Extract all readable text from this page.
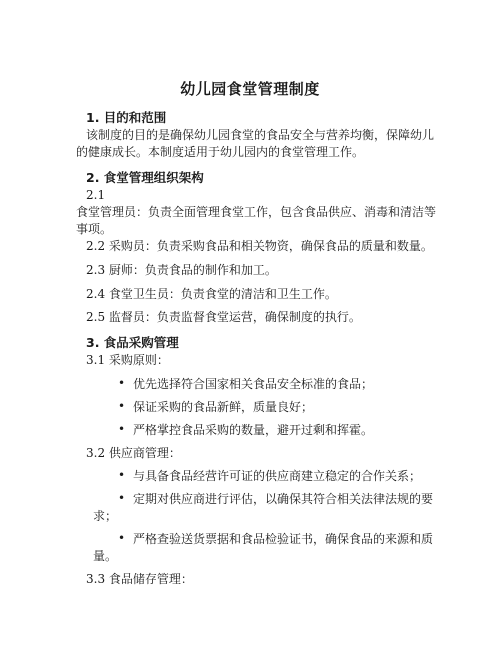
幼儿园食堂管理制度
1. 目的和范围
该制度的目的是确保幼儿园食堂的食品安全与营养均衡，保障幼儿
的健康成长。本制度适用于幼儿园内的食堂管理工作。
2. 食堂管理组织架构
2.1
食堂管理员：负责全面管理食堂工作，包含食品供应、消毒和清洁等
事项。
2.2 采购员：负责采购食品和相关物资，确保食品的质量和数量。
2.3 厨师：负责食品的制作和加工。
2.4 食堂卫生员：负责食堂的清洁和卫生工作。
2.5 监督员：负责监督食堂运营，确保制度的执行。
3. 食品采购管理
3.1 采购原则：
• 优先选择符合国家相关食品安全标准的食品；
• 保证采购的食品新鲜，质量良好；
• 严格掌控食品采购的数量，避开过剩和挥霍。
3.2 供应商管理：
• 与具备食品经营许可证的供应商建立稳定的合作关系；
• 定期对供应商进行评估，以确保其符合相关法律法规的要
求；
• 严格查验送货票据和食品检验证书，确保食品的来源和质
量。
3.3 食品储存管理：
